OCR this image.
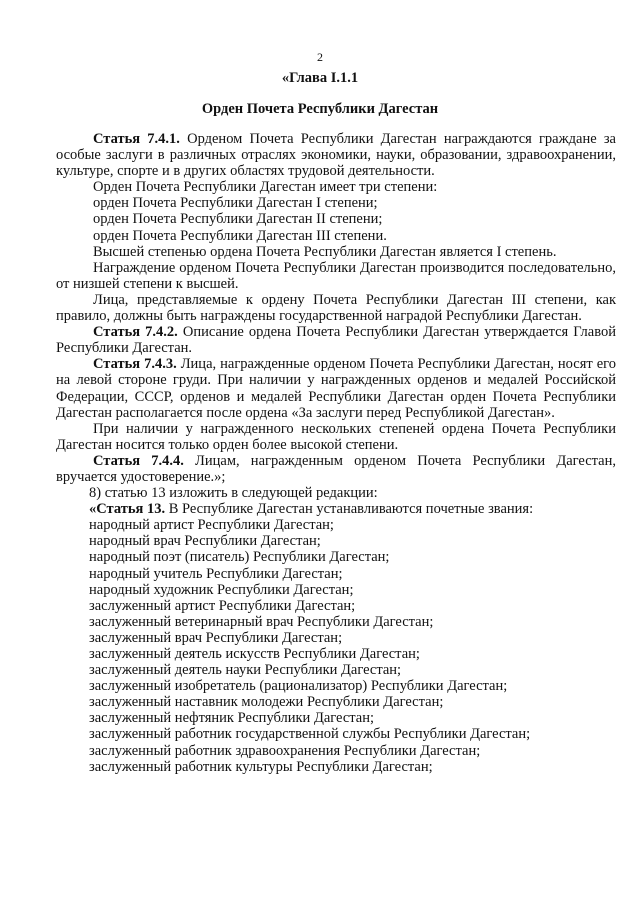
2
«Глава I.1.1
Орден Почета Республики Дагестан

Статья 7.4.1. Орденом Почета Республики Дагестан награждаются граждане за особые заслуги в различных отраслях экономики, науки, образовании, здравоохранении, культуре, спорте и в других областях трудовой деятельности.

Орден Почета Республики Дагестан имеет три степени:

орден Почета Республики Дагестан I степени;

орден Почета Республики Дагестан II степени;

орден Почета Республики Дагестан III степени.

Высшей степенью ордена Почета Республики Дагестан является I степень.

Награждение орденом Почета Республики Дагестан производится последовательно, от низшей степени к высшей.

Лица, представляемые к ордену Почета Республики Дагестан III степени, как правило, должны быть награждены государственной наградой Республики Дагестан.

Статья 7.4.2. Описание ордена Почета Республики Дагестан утверждается Главой Республики Дагестан.

Статья 7.4.3. Лица, награжденные орденом Почета Республики Дагестан, носят его на левой стороне груди. При наличии у награжденных орденов и медалей Российской Федерации, СССР, орденов и медалей Республики Дагестан орден Почета Республики Дагестан располагается после ордена «За заслуги перед Республикой Дагестан».

При наличии у награжденного нескольких степеней ордена Почета Республики Дагестан носится только орден более высокой степени.

Статья 7.4.4. Лицам, награжденным орденом Почета Республики Дагестан, вручается удостоверение.»;

8) статью 13 изложить в следующей редакции:

«Статья 13. В Республике Дагестан устанавливаются почетные звания:

народный артист Республики Дагестан;

народный врач Республики Дагестан;

народный поэт (писатель) Республики Дагестан;

народный учитель Республики Дагестан;

народный художник Республики Дагестан;

заслуженный артист Республики Дагестан;

заслуженный ветеринарный врач Республики Дагестан;

заслуженный врач Республики Дагестан;

заслуженный деятель искусств Республики Дагестан;

заслуженный деятель науки Республики Дагестан;

заслуженный изобретатель (рационализатор) Республики Дагестан;

заслуженный наставник молодежи Республики Дагестан;

заслуженный нефтяник Республики Дагестан;

заслуженный работник государственной службы Республики Дагестан;

заслуженный работник здравоохранения Республики Дагестан;

заслуженный работник культуры Республики Дагестан;
